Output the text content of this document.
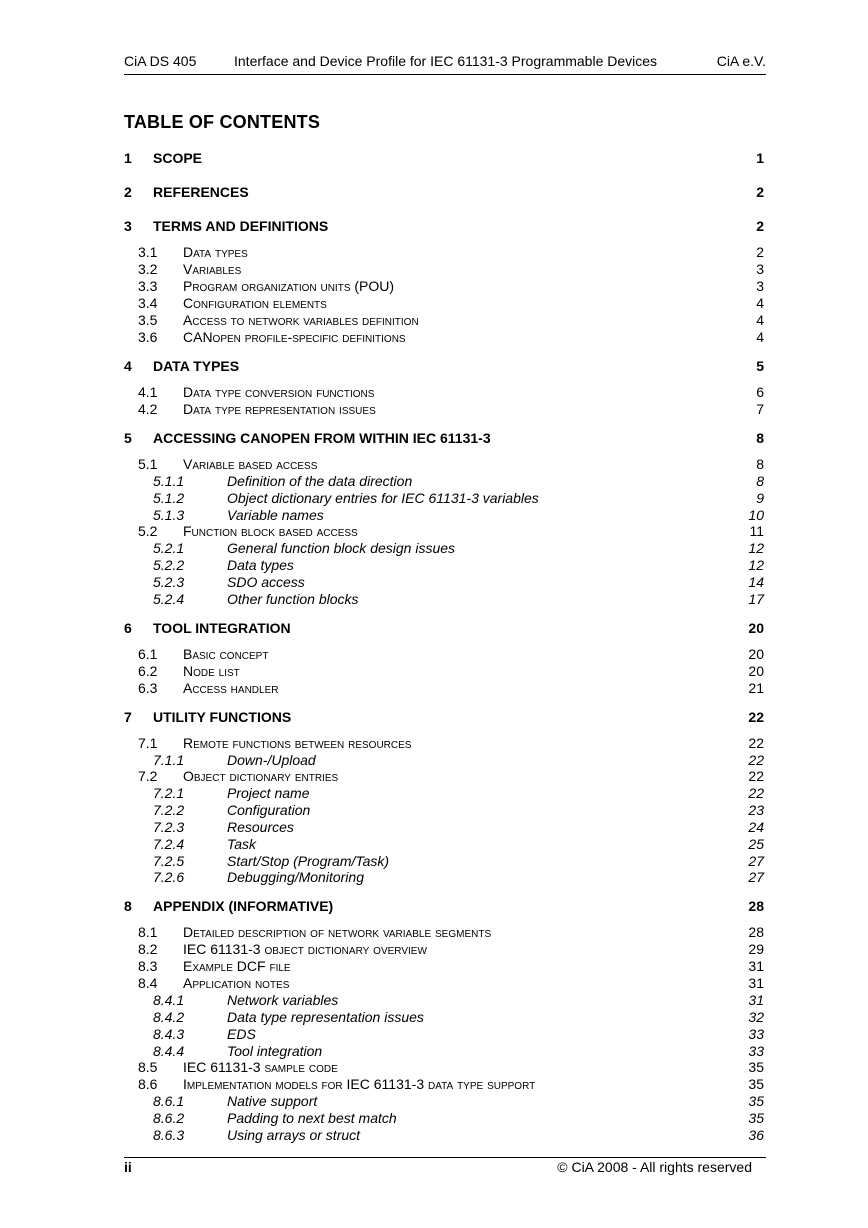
CiA DS 405	Interface and Device Profile for IEC 61131-3 Programmable Devices	CiA e.V.
TABLE OF CONTENTS
1 SCOPE	1
2 REFERENCES	2
3 TERMS AND DEFINITIONS	2
3.1 Data types	2
3.2 Variables	3
3.3 Program organization units (POU)	3
3.4 Configuration elements	4
3.5 Access to network variables definition	4
3.6 CANopen profile-specific definitions	4
4 DATA TYPES	5
4.1 Data type conversion functions	6
4.2 Data type representation issues	7
5 ACCESSING CANOPEN FROM WITHIN IEC 61131-3	8
5.1 Variable based access	8
5.1.1	Definition of the data direction	8
5.1.2	Object dictionary entries for IEC 61131-3 variables	9
5.1.3	Variable names	10
5.2 Function block based access	11
5.2.1	General function block design issues	12
5.2.2	Data types	12
5.2.3	SDO access	14
5.2.4	Other function blocks	17
6 TOOL INTEGRATION	20
6.1 Basic concept	20
6.2 Node list	20
6.3 Access handler	21
7 UTILITY FUNCTIONS	22
7.1 Remote functions between resources	22
7.1.1	Down-/Upload	22
7.2 Object dictionary entries	22
7.2.1	Project name	22
7.2.2	Configuration	23
7.2.3	Resources	24
7.2.4	Task	25
7.2.5	Start/Stop (Program/Task)	27
7.2.6	Debugging/Monitoring	27
8 APPENDIX (INFORMATIVE)	28
8.1 Detailed description of network variable segments	28
8.2 IEC 61131-3 object dictionary overview	29
8.3 Example DCF file	31
8.4 Application notes	31
8.4.1	Network variables	31
8.4.2	Data type representation issues	32
8.4.3	EDS	33
8.4.4	Tool integration	33
8.5 IEC 61131-3 sample code	35
8.6 Implementation models for IEC 61131-3 data type support	35
8.6.1	Native support	35
8.6.2	Padding to next best match	35
8.6.3	Using arrays or struct	36
ii	© CiA 2008 - All rights reserved
